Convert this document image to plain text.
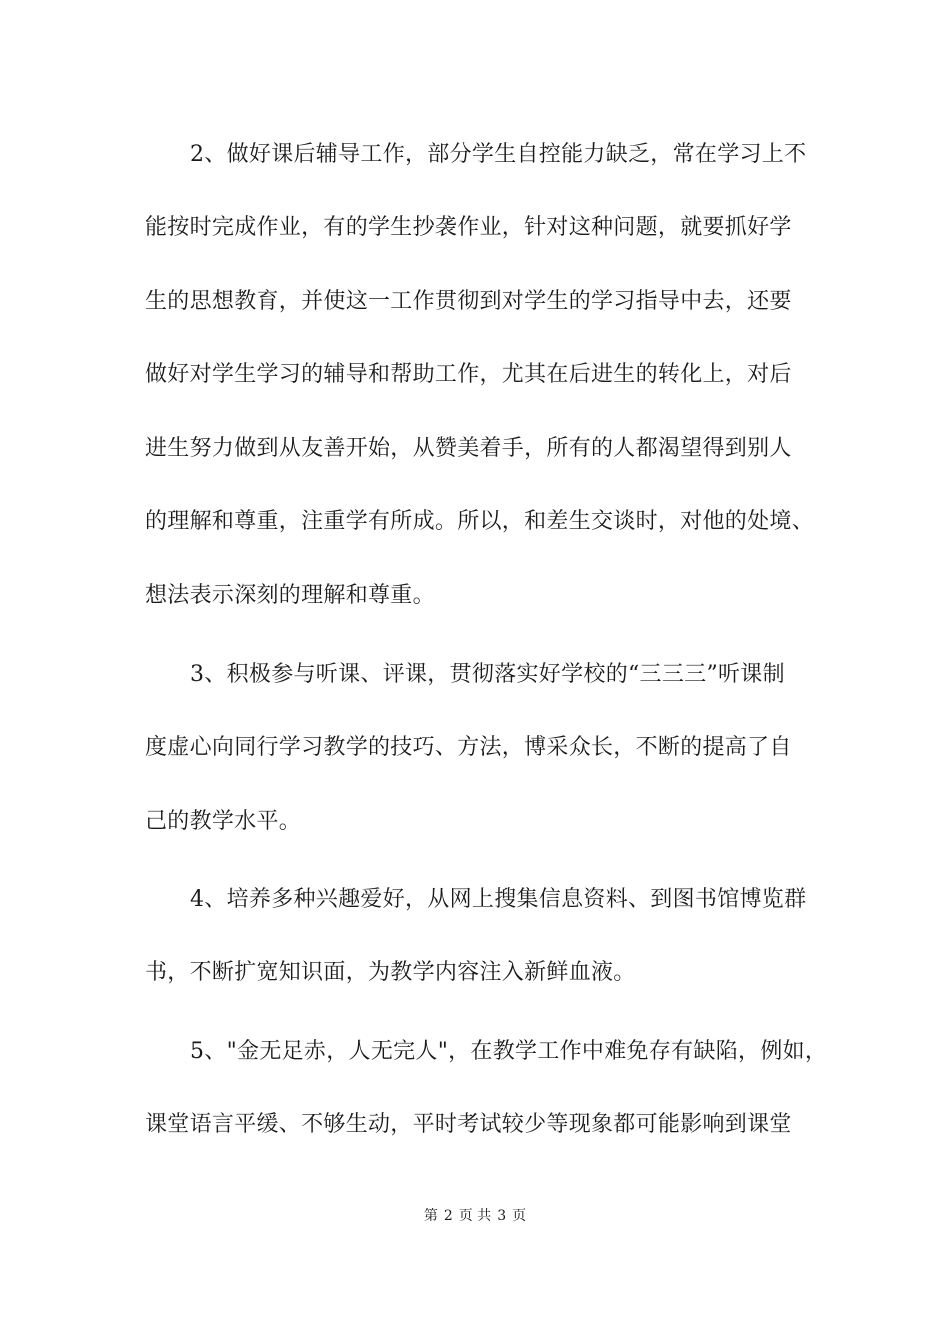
2、做好课后辅导工作，部分学生自控能力缺乏，常在学习上不
能按时完成作业，有的学生抄袭作业，针对这种问题，就要抓好学
生的思想教育，并使这一工作贯彻到对学生的学习指导中去，还要
做好对学生学习的辅导和帮助工作，尤其在后进生的转化上，对后
进生努力做到从友善开始，从赞美着手，所有的人都渴望得到别人
的理解和尊重，注重学有所成。所以，和差生交谈时，对他的处境、
想法表示深刻的理解和尊重。
3、积极参与听课、评课，贯彻落实好学校的“三三三”听课制
度虚心向同行学习教学的技巧、方法，博采众长，不断的提高了自
己的教学水平。
4、培养多种兴趣爱好，从网上搜集信息资料、到图书馆博览群
书，不断扩宽知识面，为教学内容注入新鲜血液。
5、"金无足赤，人无完人"，在教学工作中难免存有缺陷，例如，
课堂语言平缓、不够生动，平时考试较少等现象都可能影响到课堂
第 2 页 共 3 页
